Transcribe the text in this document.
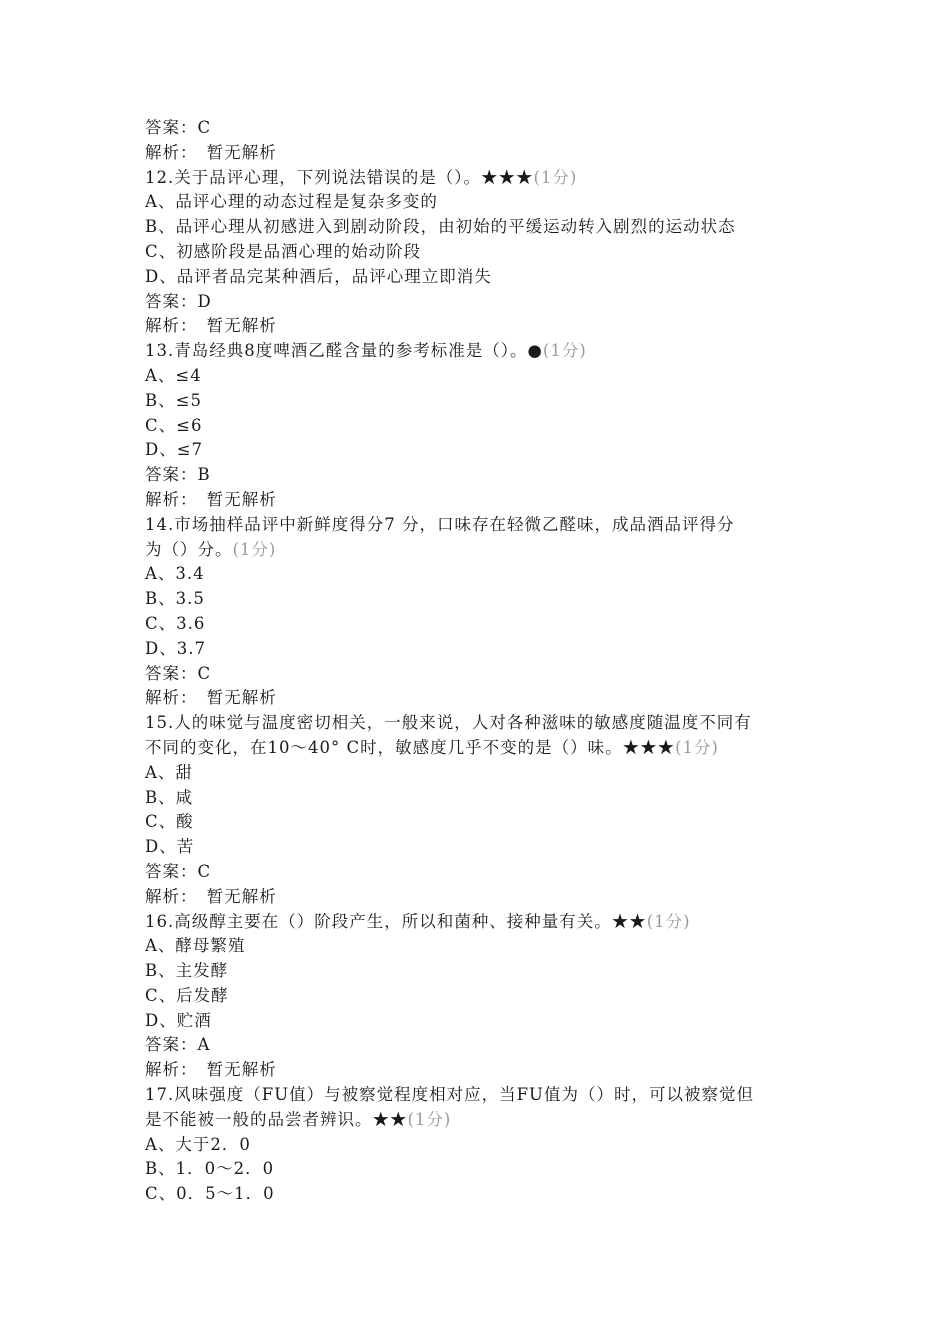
答案：C
解析：　暂无解析
12.关于品评心理，下列说法错误的是（）。★★★(1分)
A、品评心理的动态过程是复杂多变的
B、品评心理从初感进入到剧动阶段，由初始的平缓运动转入剧烈的运动状态
C、初感阶段是品酒心理的始动阶段
D、品评者品完某种酒后，品评心理立即消失
答案：D
解析：　暂无解析
13.青岛经典8度啤酒乙醛含量的参考标准是（）。●(1分)
A、≤4
B、≤5
C、≤6
D、≤7
答案：B
解析：　暂无解析
14.市场抽样品评中新鲜度得分7 分，口味存在轻微乙醛味，成品酒品评得分
为（）分。(1分)
A、3.4
B、3.5
C、3.6
D、3.7
答案：C
解析：　暂无解析
15.人的味觉与温度密切相关，一般来说，人对各种滋味的敏感度随温度不同有
不同的变化，在10～40° C时，敏感度几乎不变的是（）味。★★★(1分)
A、甜
B、咸
C、酸
D、苦
答案：C
解析：　暂无解析
16.高级醇主要在（）阶段产生，所以和菌种、接种量有关。★★(1分)
A、酵母繁殖
B、主发酵
C、后发酵
D、贮酒
答案：A
解析：　暂无解析
17.风味强度（FU值）与被察觉程度相对应，当FU值为（）时，可以被察觉但
是不能被一般的品尝者辨识。★★(1分)
A、大于2．0
B、1．0～2．0
C、0．5～1．0
